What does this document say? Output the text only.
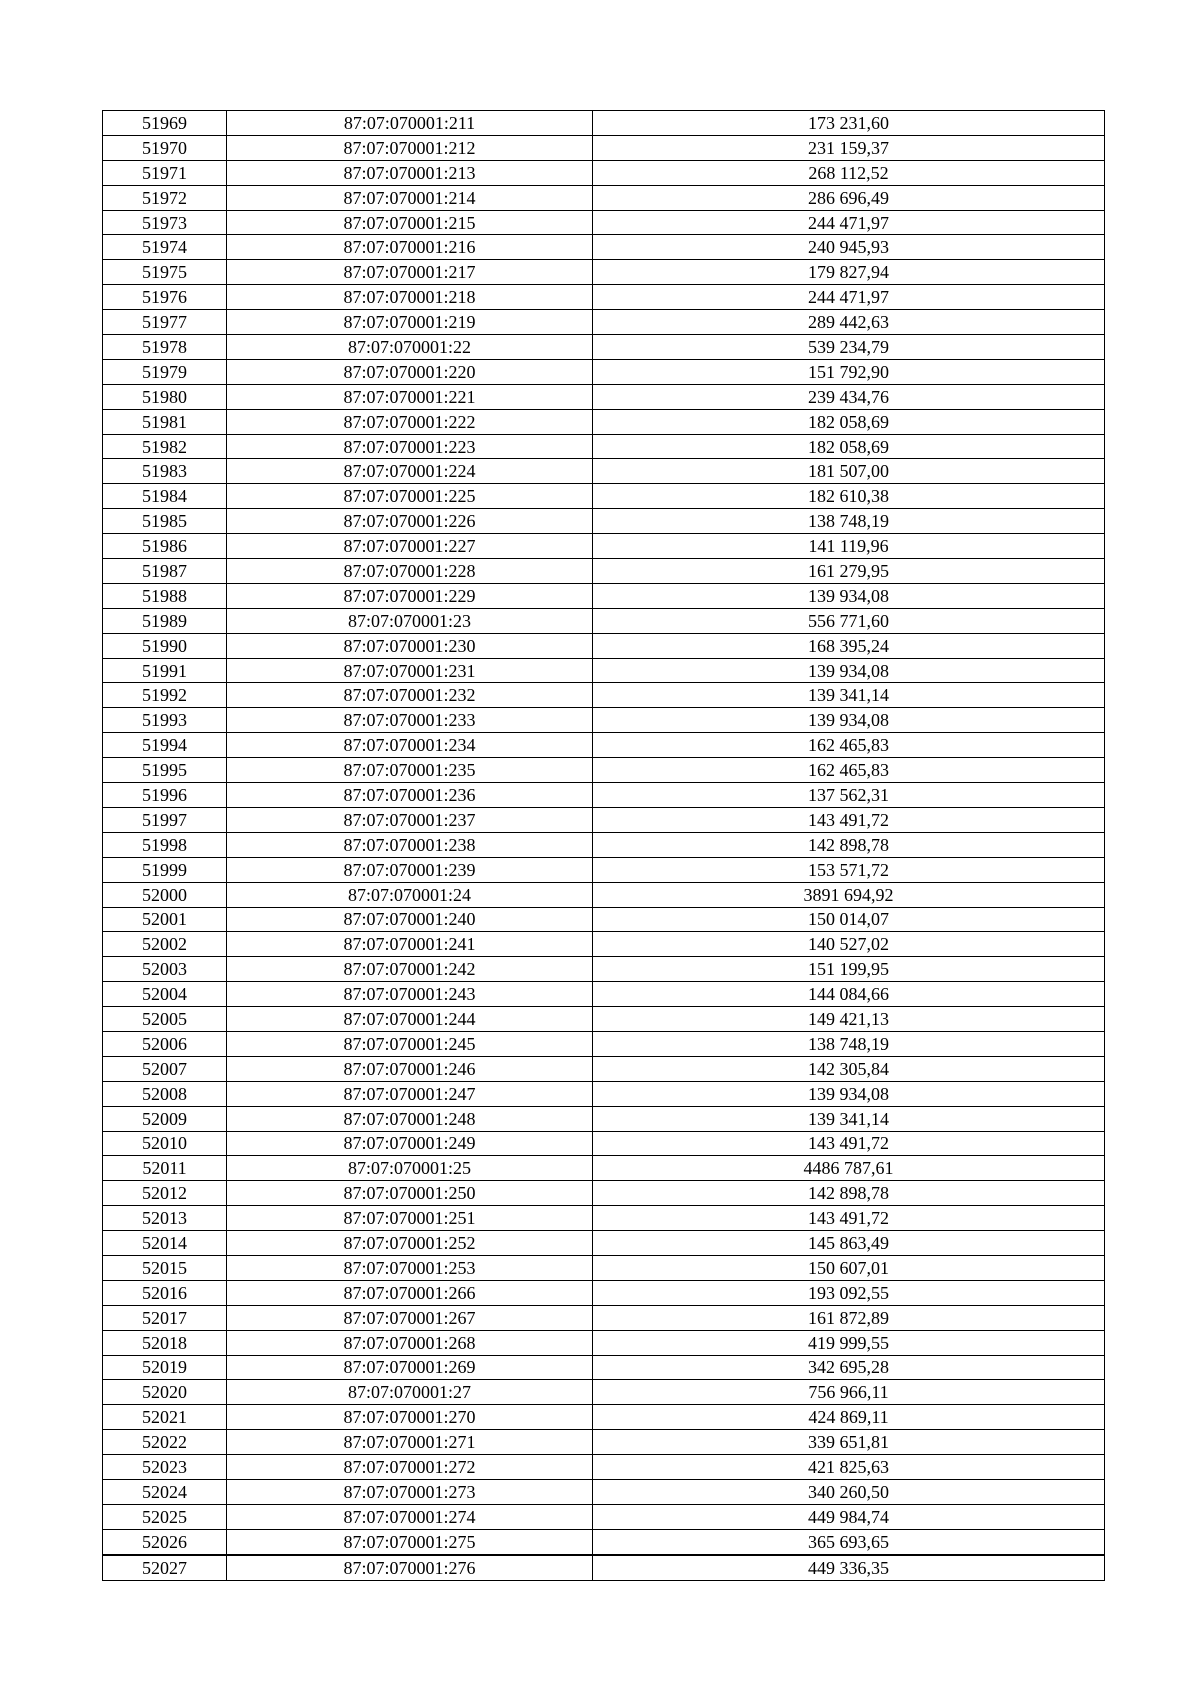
51969	87:07:070001:211	173 231,60
51970	87:07:070001:212	231 159,37
51971	87:07:070001:213	268 112,52
51972	87:07:070001:214	286 696,49
51973	87:07:070001:215	244 471,97
51974	87:07:070001:216	240 945,93
51975	87:07:070001:217	179 827,94
51976	87:07:070001:218	244 471,97
51977	87:07:070001:219	289 442,63
51978	87:07:070001:22	539 234,79
51979	87:07:070001:220	151 792,90
51980	87:07:070001:221	239 434,76
51981	87:07:070001:222	182 058,69
51982	87:07:070001:223	182 058,69
51983	87:07:070001:224	181 507,00
51984	87:07:070001:225	182 610,38
51985	87:07:070001:226	138 748,19
51986	87:07:070001:227	141 119,96
51987	87:07:070001:228	161 279,95
51988	87:07:070001:229	139 934,08
51989	87:07:070001:23	556 771,60
51990	87:07:070001:230	168 395,24
51991	87:07:070001:231	139 934,08
51992	87:07:070001:232	139 341,14
51993	87:07:070001:233	139 934,08
51994	87:07:070001:234	162 465,83
51995	87:07:070001:235	162 465,83
51996	87:07:070001:236	137 562,31
51997	87:07:070001:237	143 491,72
51998	87:07:070001:238	142 898,78
51999	87:07:070001:239	153 571,72
52000	87:07:070001:24	3891 694,92
52001	87:07:070001:240	150 014,07
52002	87:07:070001:241	140 527,02
52003	87:07:070001:242	151 199,95
52004	87:07:070001:243	144 084,66
52005	87:07:070001:244	149 421,13
52006	87:07:070001:245	138 748,19
52007	87:07:070001:246	142 305,84
52008	87:07:070001:247	139 934,08
52009	87:07:070001:248	139 341,14
52010	87:07:070001:249	143 491,72
52011	87:07:070001:25	4486 787,61
52012	87:07:070001:250	142 898,78
52013	87:07:070001:251	143 491,72
52014	87:07:070001:252	145 863,49
52015	87:07:070001:253	150 607,01
52016	87:07:070001:266	193 092,55
52017	87:07:070001:267	161 872,89
52018	87:07:070001:268	419 999,55
52019	87:07:070001:269	342 695,28
52020	87:07:070001:27	756 966,11
52021	87:07:070001:270	424 869,11
52022	87:07:070001:271	339 651,81
52023	87:07:070001:272	421 825,63
52024	87:07:070001:273	340 260,50
52025	87:07:070001:274	449 984,74
52026	87:07:070001:275	365 693,65
52027	87:07:070001:276	449 336,35
